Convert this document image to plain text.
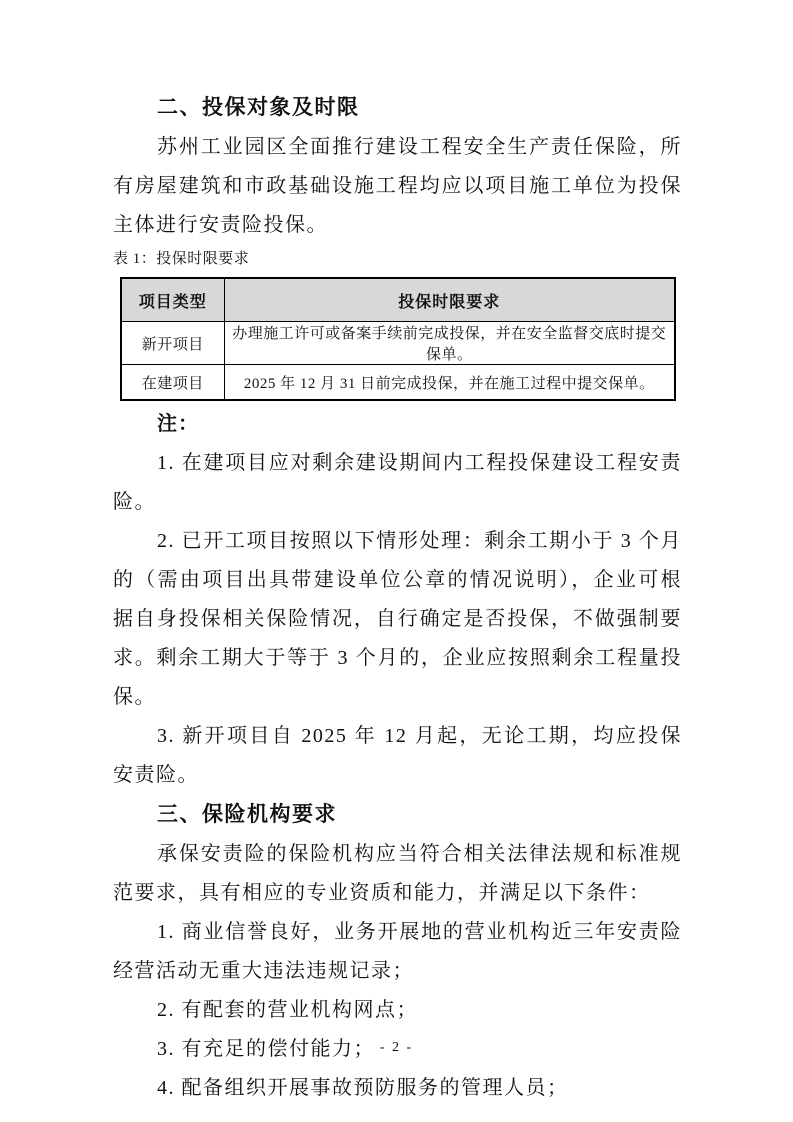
二、投保对象及时限

苏州工业园区全面推行建设工程安全生产责任保险，所有房屋建筑和市政基础设施工程均应以项目施工单位为投保主体进行安责险投保。

表 1：投保时限要求
项目类型	投保时限要求
新开项目	办理施工许可或备案手续前完成投保，并在安全监督交底时提交保单。
在建项目	2025 年 12 月 31 日前完成投保，并在施工过程中提交保单。
注：

1. 在建项目应对剩余建设期间内工程投保建设工程安责险。

2. 已开工项目按照以下情形处理：剩余工期小于 3 个月的（需由项目出具带建设单位公章的情况说明），企业可根据自身投保相关保险情况，自行确定是否投保，不做强制要求。剩余工期大于等于 3 个月的，企业应按照剩余工程量投保。

3. 新开项目自 2025 年 12 月起，无论工期，均应投保安责险。

三、保险机构要求

承保安责险的保险机构应当符合相关法律法规和标准规范要求，具有相应的专业资质和能力，并满足以下条件：

1. 商业信誉良好，业务开展地的营业机构近三年安责险经营活动无重大违法违规记录；

2. 有配套的营业机构网点；

3. 有充足的偿付能力；

4. 配备组织开展事故预防服务的管理人员；

- 2 -
